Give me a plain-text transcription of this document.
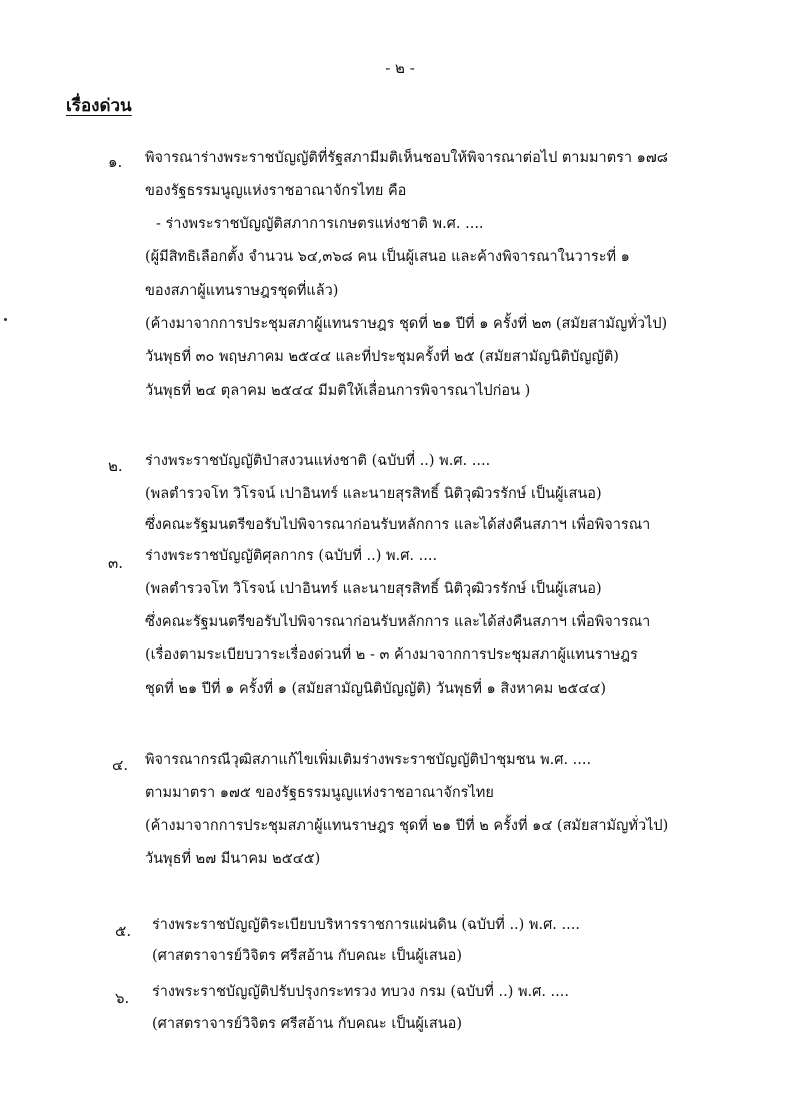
- ๒ -
เรื่องด่วน
๑. พิจารณาร่างพระราชบัญญัติที่รัฐสภามีมติเห็นชอบให้พิจารณาต่อไป ตามมาตรา ๑๗๘
ของรัฐธรรมนูญแห่งราชอาณาจักรไทย คือ
- ร่างพระราชบัญญัติสภาการเกษตรแห่งชาติ พ.ศ. ....
(ผู้มีสิทธิเลือกตั้ง จำนวน ๖๔,๓๖๘ คน เป็นผู้เสนอ และค้างพิจารณาในวาระที่ ๑
ของสภาผู้แทนราษฎรชุดที่แล้ว)
(ค้างมาจากการประชุมสภาผู้แทนราษฎร ชุดที่ ๒๑ ปีที่ ๑ ครั้งที่ ๒๓ (สมัยสามัญทั่วไป)
วันพุธที่ ๓๐ พฤษภาคม ๒๕๔๔ และที่ประชุมครั้งที่ ๒๕ (สมัยสามัญนิติบัญญัติ)
วันพุธที่ ๒๔ ตุลาคม ๒๕๔๔ มีมติให้เลื่อนการพิจารณาไปก่อน )
๒. ร่างพระราชบัญญัติป่าสงวนแห่งชาติ (ฉบับที่ ..) พ.ศ. ....
(พลตำรวจโท วิโรจน์ เปาอินทร์ และนายสุรสิทธิ์ นิติวุฒิวรรักษ์ เป็นผู้เสนอ)
ซึ่งคณะรัฐมนตรีขอรับไปพิจารณาก่อนรับหลักการ และได้ส่งคืนสภาฯ เพื่อพิจารณา
๓. ร่างพระราชบัญญัติศุลกากร (ฉบับที่ ..) พ.ศ. ....
(พลตำรวจโท วิโรจน์ เปาอินทร์ และนายสุรสิทธิ์ นิติวุฒิวรรักษ์ เป็นผู้เสนอ)
ซึ่งคณะรัฐมนตรีขอรับไปพิจารณาก่อนรับหลักการ และได้ส่งคืนสภาฯ เพื่อพิจารณา
(เรื่องตามระเบียบวาระเรื่องด่วนที่ ๒ - ๓ ค้างมาจากการประชุมสภาผู้แทนราษฎร
ชุดที่ ๒๑ ปีที่ ๑ ครั้งที่ ๑ (สมัยสามัญนิติบัญญัติ) วันพุธที่ ๑ สิงหาคม ๒๕๔๔)
๔. พิจารณากรณีวุฒิสภาแก้ไขเพิ่มเติมร่างพระราชบัญญัติป่าชุมชน พ.ศ. ....
ตามมาตรา ๑๗๕ ของรัฐธรรมนูญแห่งราชอาณาจักรไทย
(ค้างมาจากการประชุมสภาผู้แทนราษฎร ชุดที่ ๒๑ ปีที่ ๒ ครั้งที่ ๑๔ (สมัยสามัญทั่วไป)
วันพุธที่ ๒๗ มีนาคม ๒๕๔๕)
๕. ร่างพระราชบัญญัติระเบียบบริหารราชการแผ่นดิน (ฉบับที่ ..) พ.ศ. ....
(ศาสตราจารย์วิจิตร ศรีสอ้าน กับคณะ เป็นผู้เสนอ)
๖. ร่างพระราชบัญญัติปรับปรุงกระทรวง ทบวง กรม (ฉบับที่ ..) พ.ศ. ....
(ศาสตราจารย์วิจิตร ศรีสอ้าน กับคณะ เป็นผู้เสนอ)
